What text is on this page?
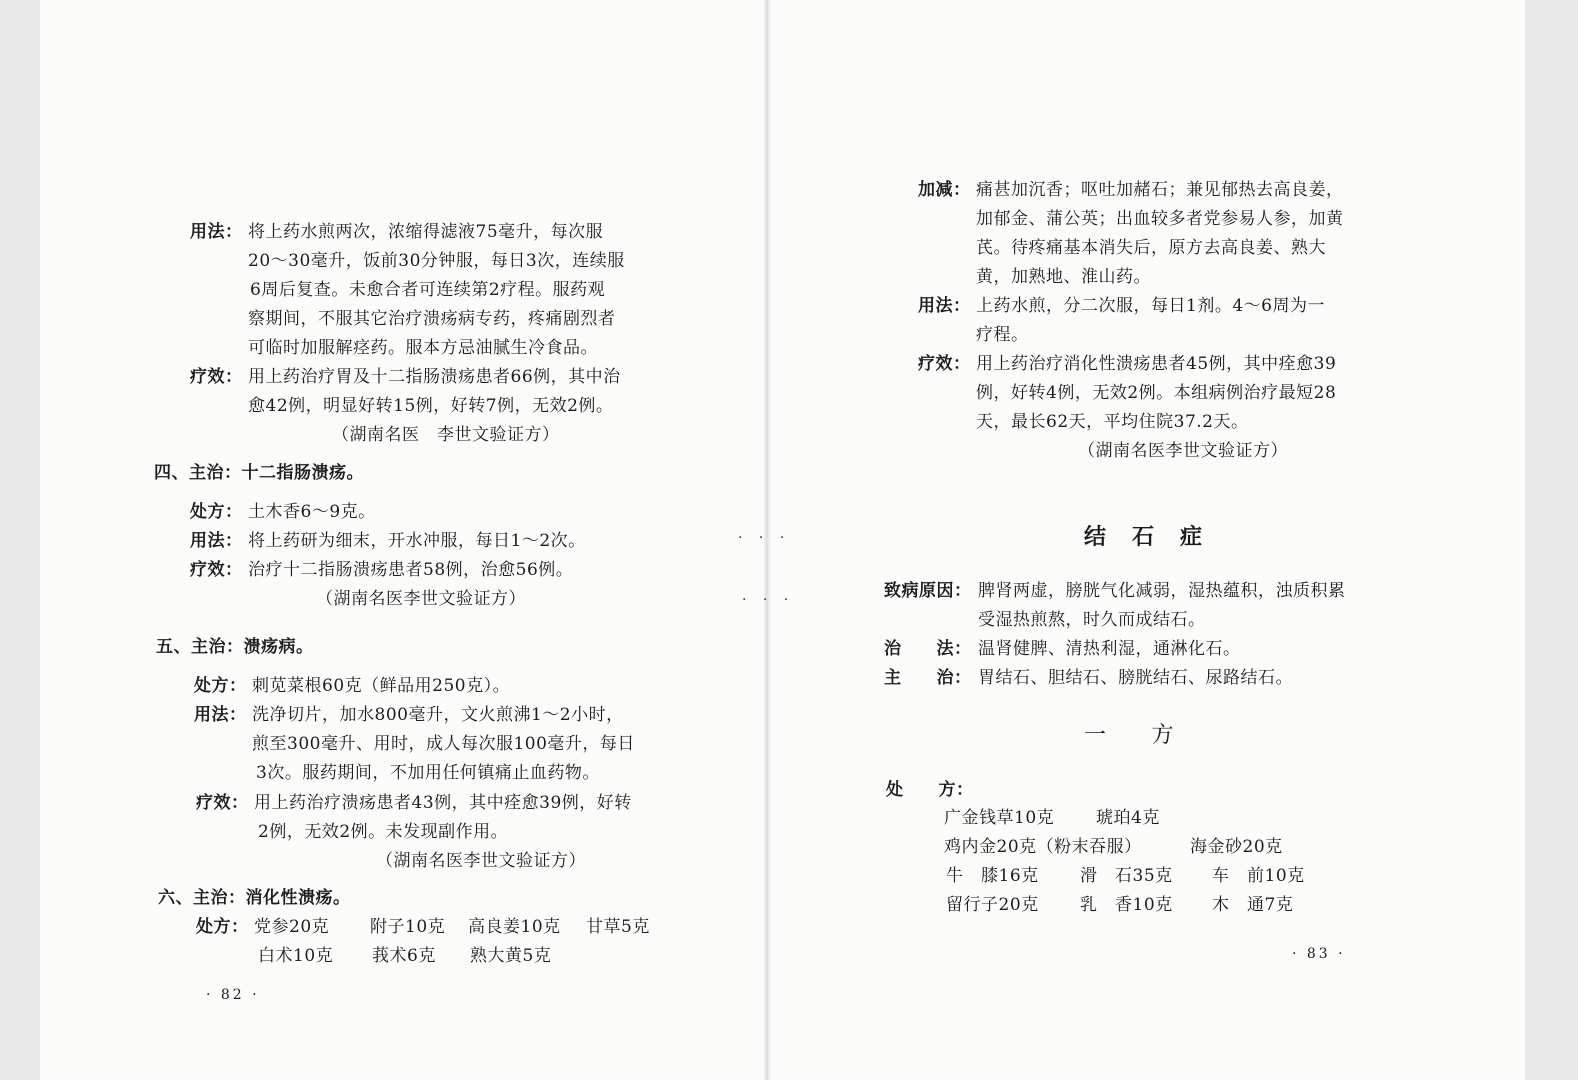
用法： 将上药水煎两次，浓缩得滤液75毫升，每次服
20～30毫升，饭前30分钟服，每日3次，连续服
6周后复查。未愈合者可连续第2疗程。服药观
察期间，不服其它治疗溃疡病专药，疼痛剧烈者
可临时加服解痉药。服本方忌油腻生冷食品。
疗效： 用上药治疗胃及十二指肠溃疡患者66例，其中治
愈42例，明显好转15例，好转7例，无效2例。
（湖南名医　李世文验证方）
四、主治：十二指肠溃疡。
处方： 土木香6～9克。
用法： 将上药研为细末，开水冲服，每日1～2次。
疗效： 治疗十二指肠溃疡患者58例，治愈56例。
（湖南名医李世文验证方）
五、主治：溃疡病。
处方： 刺苋菜根60克（鲜品用250克）。
用法： 洗净切片，加水800毫升，文火煎沸1～2小时，
煎至300毫升、用时，成人每次服100毫升，每日
3次。服药期间，不加用任何镇痛止血药物。
疗效： 用上药治疗溃疡患者43例，其中痊愈39例，好转
2例，无效2例。未发现副作用。
（湖南名医李世文验证方）
六、主治：消化性溃疡。
处方： 党参20克 附子10克 高良姜10克 甘草5克
白术10克 莪术6克 熟大黄5克
· 82 ·
· · ·
· · ·
加减： 痛甚加沉香；呕吐加赭石；兼见郁热去高良姜，
加郁金、蒲公英；出血较多者党参易人参，加黄
芪。待疼痛基本消失后，原方去高良姜、熟大
黄，加熟地、淮山药。
用法： 上药水煎，分二次服，每日1剂。4～6周为一
疗程。
疗效： 用上药治疗消化性溃疡患者45例，其中痊愈39
例，好转4例，无效2例。本组病例治疗最短28
天，最长62天，平均住院37.2天。
（湖南名医李世文验证方）
结石症
致病原因： 脾肾两虚，膀胱气化减弱，湿热蕴积，浊质积累
受湿热煎熬，时久而成结石。
治　　法： 温肾健脾、清热利湿，通淋化石。
主　　治： 胃结石、胆结石、膀胱结石、尿路结石。
一　　方
处　　方：
广金钱草10克 琥珀4克
鸡内金20克（粉末吞服）	海金砂20克
牛　膝16克 滑　石35克 车　前10克
留行子20克 乳　香10克 木　通7克
· 83 ·
